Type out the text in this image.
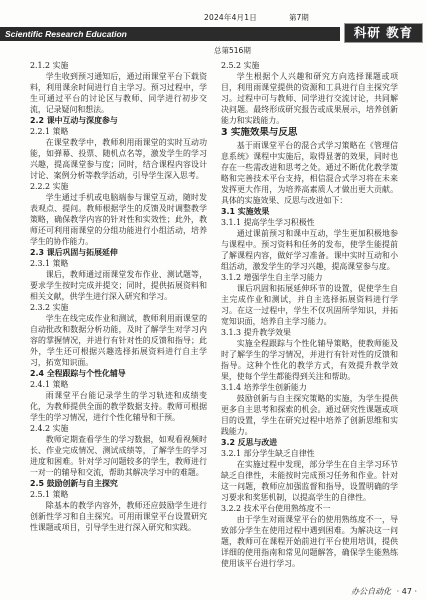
2024年4月1日	第7期
Scientific Research Education	科研 教育
总第516期
2.1.2 实施

学生收到预习通知后，通过雨课堂平台下载资料，利用课余时间进行自主学习。预习过程中，学生可通过平台的讨论区与教师、同学进行初步交流，记录疑问和想法。

2.2 课中互动与深度参与
2.2.1 策略

在课堂教学中，教师利用雨课堂的实时互动功能，如弹幕、投票、随机点名等，激发学生的学习兴趣，提高课堂参与度；同时，结合课程内容设计讨论、案例分析等教学活动，引导学生深入思考。

2.2.2 实施

学生通过手机或电脑端参与课堂互动，随时发表观点、提问。教师根据学生的反馈及时调整教学策略，确保教学内容的针对性和实效性；此外，教师还可利用雨课堂的分组功能进行小组活动，培养学生的协作能力。

2.3 课后巩固与拓展延伸
2.3.1 策略

课后，教师通过雨课堂发布作业、测试题等，要求学生按时完成并提交；同时，提供拓展资料和相关文献，供学生进行深入研究和学习。

2.3.2 实施

学生在线完成作业和测试，教师利用雨课堂的自动批改和数据分析功能，及时了解学生对学习内容的掌握情况，并进行有针对性的反馈和指导；此外，学生还可根据兴趣选择拓展资料进行自主学习，拓宽知识面。

2.4 全程跟踪与个性化辅导
2.4.1 策略

雨课堂平台能记录学生的学习轨迹和成绩变化，为教师提供全面的教学数据支持。教师可根据学生的学习情况，进行个性化辅导和干预。

2.4.2 实施

教师定期查看学生的学习数据，如观看视频时长、作业完成情况、测试成绩等，了解学生的学习进度和困难。针对学习问题较多的学生，教师进行一对一的辅导和交流，帮助其解决学习中的难题。

2.5 鼓励创新与自主探究
2.5.1 策略

除基本的教学内容外，教师还应鼓励学生进行创新性学习和自主探究。可用雨课堂平台设置研究性课题或项目，引导学生进行深入研究和实践。

2.5.2 实施

学生根据个人兴趣和研究方向选择课题或项目，利用雨课堂提供的资源和工具进行自主探究学习。过程中可与教师、同学进行交流讨论，共同解决问题。最终形成研究报告或成果展示，培养创新能力和实践能力。

3 实施效果与反思

基于雨课堂平台的混合式学习策略在《管理信息系统》课程中实施后，取得显著的效果，同时也存在一些需改进和思考之处。通过不断优化教学策略和完善技术平台支持，相信混合式学习将在未来发挥更大作用，为培养高素质人才做出更大贡献。具体的实施效果、反思与改进如下：

3.1 实施效果
3.1.1 提高学生学习积极性

通过课前预习和课中互动，学生更加积极地参与课程中。预习资料和任务的发布，使学生能提前了解课程内容，做好学习准备。课中实时互动和小组活动，激发学生的学习兴趣，提高课堂参与度。

3.1.2 增强学生自主学习能力

课后巩固和拓展延伸环节的设置，促使学生自主完成作业和测试，并自主选择拓展资料进行学习。在这一过程中，学生不仅巩固所学知识，并拓宽知识面，培养自主学习能力。

3.1.3 提升教学效果

实施全程跟踪与个性化辅导策略，使教师能及时了解学生的学习情况，并进行有针对性的反馈和指导。这种个性化的教学方式，有效提升教学效果，使每个学生都能得到关注和帮助。

3.1.4 培养学生创新能力

鼓励创新与自主探究策略的实施，为学生提供更多自主思考和探索的机会。通过研究性课题或项目的设置，学生在研究过程中培养了创新思维和实践能力。

3.2 反思与改进
3.2.1 部分学生缺乏自律性

在实施过程中发现，部分学生在自主学习环节缺乏自律性，未能按时完成预习任务和作业。针对这一问题，教师应加强监督和指导，设置明确的学习要求和奖惩机制，以提高学生的自律性。

3.2.2 技术平台使用熟练度不一

由于学生对雨课堂平台的使用熟练度不一，导致部分学生在使用过程中遇到困难。为解决这一问题，教师可在课程开始前进行平台使用培训，提供详细的使用指南和常见问题解答，确保学生能熟练使用该平台进行学习。

办公自动化 · 47 ·
